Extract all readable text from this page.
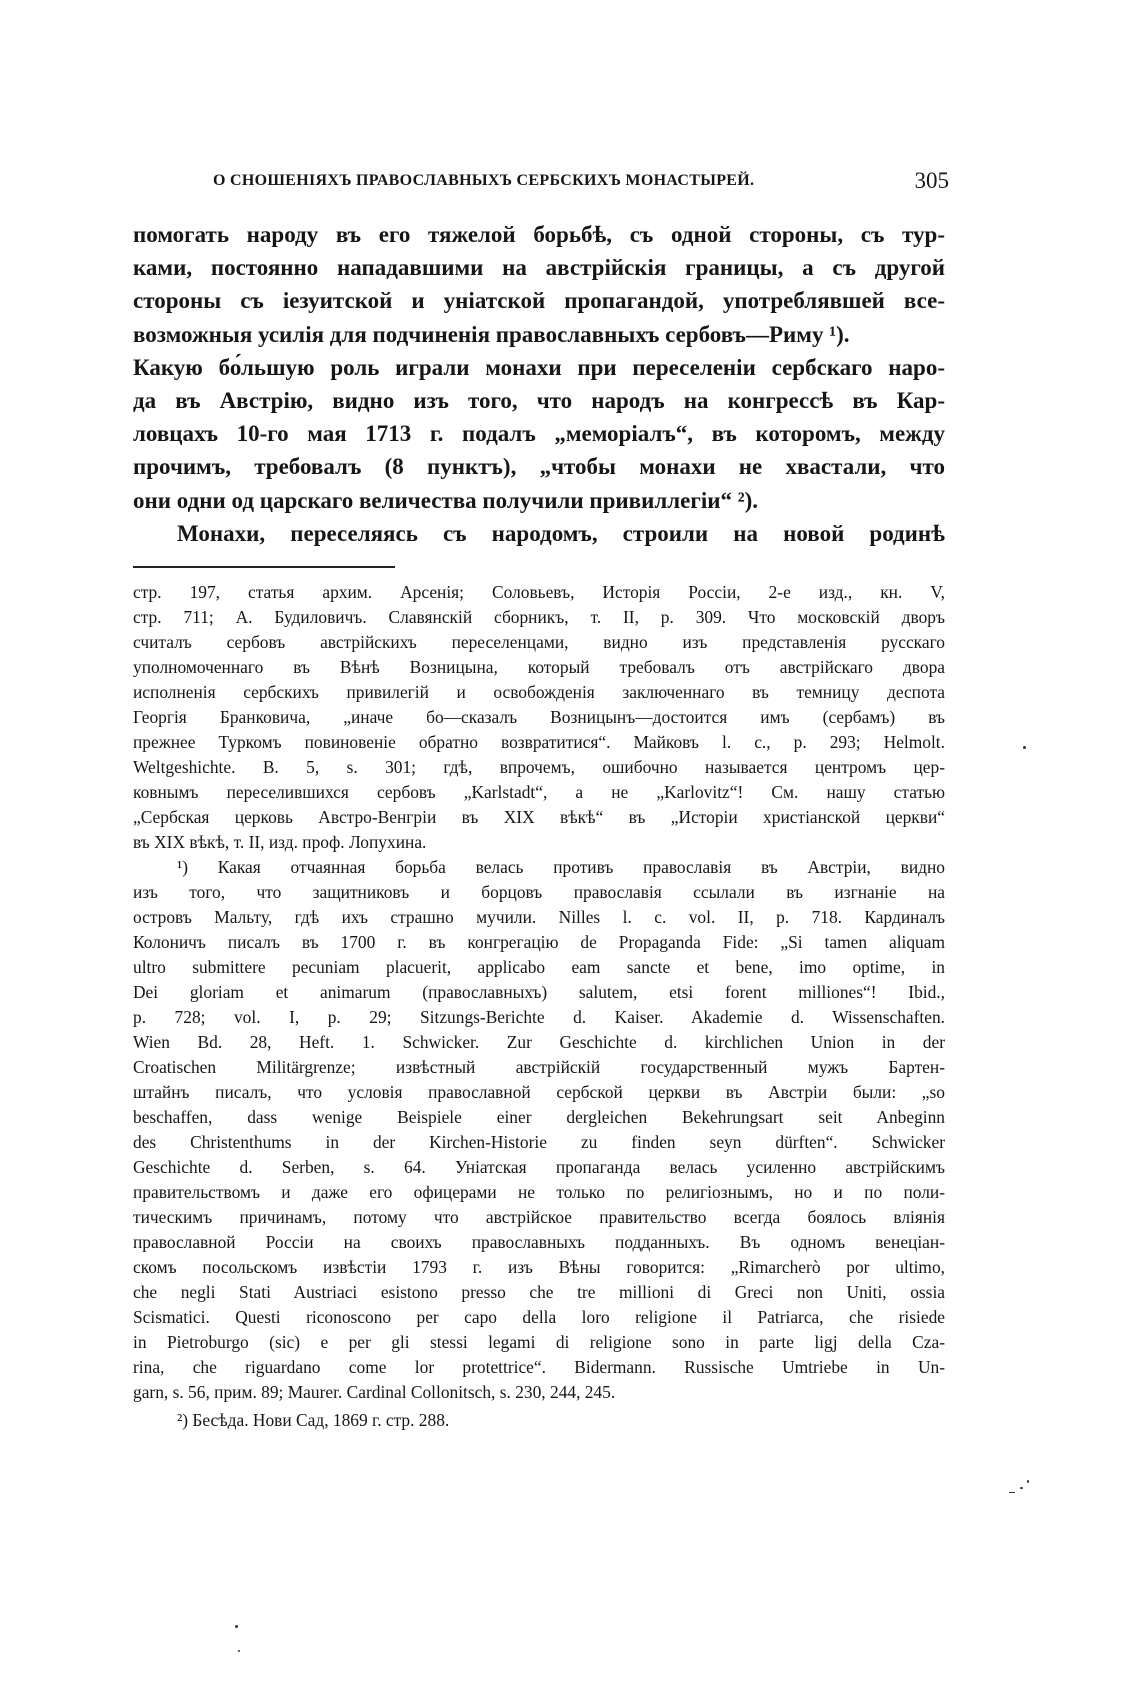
О СНОШЕНІЯХЪ ПРАВОСЛАВНЫХЪ СЕРБСКИХЪ МОНАСТЫРЕЙ.	305

помогать народу въ его тяжелой борьбѣ, съ одной стороны, съ тур-

ками, постоянно нападавшими на австрійскія границы, а съ другой

стороны съ іезуитской и уніатской пропагандой, употреблявшей все-

возможныя усилія для подчиненія православныхъ сербовъ—Риму ¹).

Какую бо́льшую роль играли монахи при переселеніи сербскаго наро-

да въ Австрію, видно изъ того, что народъ на конгрессѣ въ Кар-

ловцахъ 10-го мая 1713 г. подалъ „меморіалъ“, въ которомъ, между

прочимъ, требовалъ (8 пунктъ), „чтобы монахи не хвастали, что

они одни од царскаго величества получили привиллегіи“ ²).

Монахи, переселяясь съ народомъ, строили на новой родинѣ

стр. 197, статья архим. Арсенія; Соловьевъ, Исторія Россіи, 2-е изд., кн. V,

стр. 711; А. Будиловичъ. Славянскій сборникъ, т. II, р. 309. Что московскій дворъ

считалъ сербовъ австрійскихъ переселенцами, видно изъ представленія русскаго

уполномоченнаго въ Вѣнѣ Возницына, который требовалъ отъ австрійскаго двора

исполненія сербскихъ привилегій и освобожденія заключеннаго въ темницу деспота

Георгія Бранковича, „иначе бо—сказалъ Возницынъ—достоится имъ (сербамъ) въ

прежнее Туркомъ повиновеніе обратно возвратитися“. Майковъ l. c., p. 293; Helmolt.

Weltgeshichte. B. 5, s. 301; гдѣ, впрочемъ, ошибочно называется центромъ цер-

ковнымъ переселившихся сербовъ „Karlstadt“, а не „Karlovitz“! См. нашу статью

„Сербская церковь Австро-Венгріи въ XIX вѣкѣ“ въ „Исторіи христіанской церкви“

въ XIX вѣкѣ, т. II, изд. проф. Лопухина.

¹) Какая отчаянная борьба велась противъ православія въ Австріи, видно

изъ того, что защитниковъ и борцовъ православія ссылали въ изгнаніе на

островъ Мальту, гдѣ ихъ страшно мучили. Nilles l. c. vol. II, p. 718. Кардиналъ

Колоничъ писалъ въ 1700 г. въ конгрегацію de Propaganda Fide: „Si tamen aliquam

ultro submittere pecuniam placuerit, applicabo eam sancte et bene, imo optime, in

Dei gloriam et animarum (православныхъ) salutem, etsi forent milliones“! Ibid.,

p. 728; vol. I, p. 29; Sitzungs-Berichte d. Kaiser. Akademie d. Wissenschaften.

Wien Bd. 28, Heft. 1. Schwicker. Zur Geschichte d. kirchlichen Union in der

Croatischen Militärgrenze; извѣстный австрійскій государственный мужъ Бартен-

штайнъ писалъ, что условія православной сербской церкви въ Австріи были: „so

beschaffen, dass wenige Beispiele einer dergleichen Bekehrungsart seit Anbeginn

des Christenthums in der Kirchen-Historie zu finden seyn dürften“. Schwicker

Geschichte d. Serben, s. 64. Уніатская пропаганда велась усиленно австрійскимъ

правительствомъ и даже его офицерами не только по религіознымъ, но и по поли-

тическимъ причинамъ, потому что австрійское правительство всегда боялось вліянія

православной Россіи на своихъ православныхъ подданныхъ. Въ одномъ венеціан-

скомъ посольскомъ извѣстіи 1793 г. изъ Вѣны говорится: „Rimarcherò por ultimo,

che negli Stati Austriaci esistono presso che tre millioni di Greci non Uniti, ossia

Scismatici. Questi riconoscono per capo della loro religione il Patriarca, che risiede

in Pietroburgo (sic) e per gli stessi legami di religione sono in parte ligj della Cza-

rina, che riguardano come lor protettrice“. Bidermann. Russische Umtriebe in Un-

garn, s. 56, прим. 89; Maurer. Cardinal Collonitsch, s. 230, 244, 245.

²) Бесѣда. Нови Сад, 1869 г. стр. 288.
